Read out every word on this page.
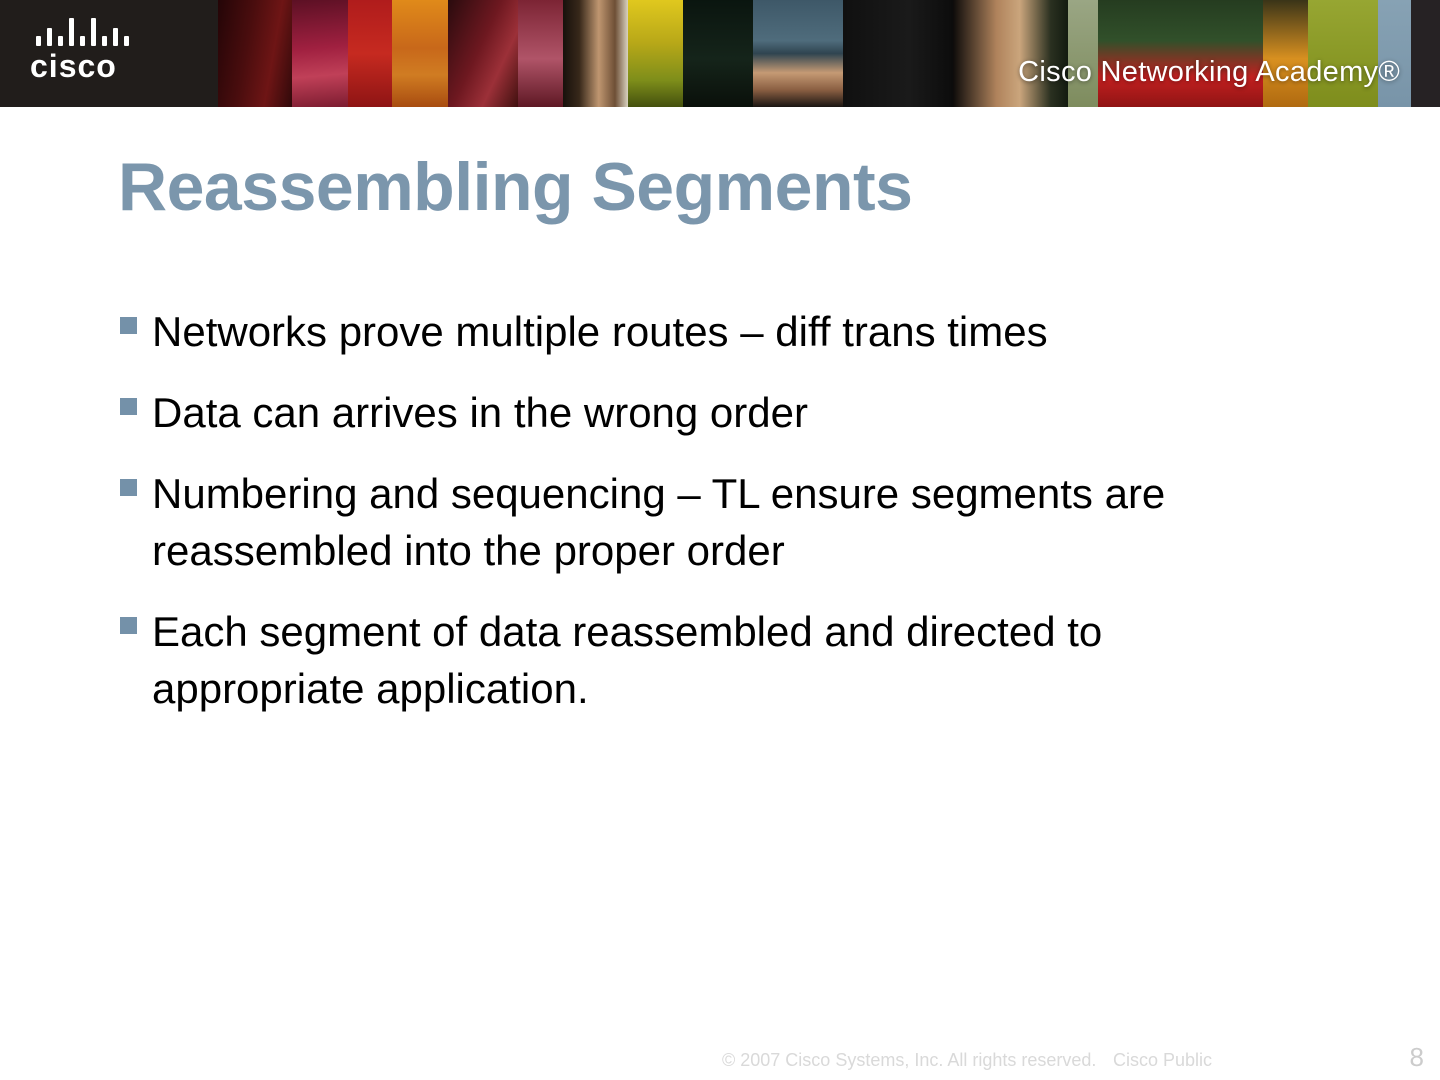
cisco	Cisco Networking Academy®
Reassembling Segments
Networks prove multiple routes – diff trans times
Data can arrives in the wrong order
Numbering and sequencing – TL ensure segments are reassembled into the proper order
Each segment of data reassembled and directed to appropriate application.
© 2007 Cisco Systems, Inc. All rights reserved. Cisco Public	8
